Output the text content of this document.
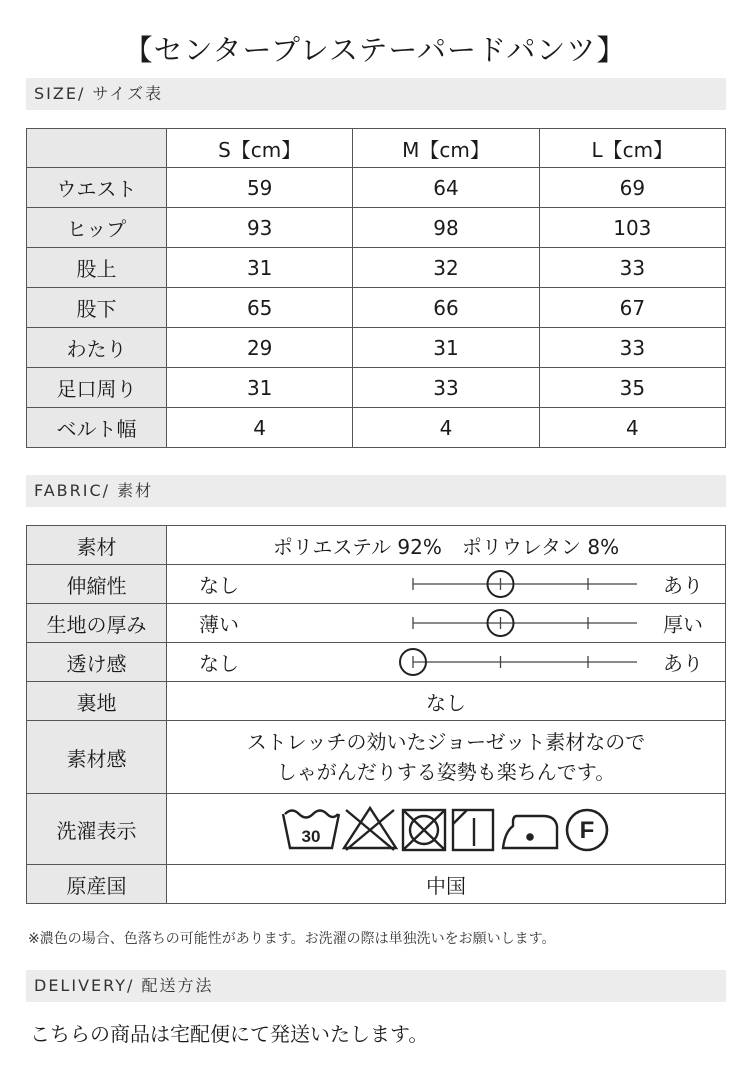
【センタープレステーパードパンツ】
SIZE/ サイズ表
	S【cm】	M【cm】	L【cm】
ウエスト	59	64	69
ヒップ	93	98	103
股上	31	32	33
股下	65	66	67
わたり	29	31	33
足口周り	31	33	35
ベルト幅	4	4	4
FABRIC/ 素材
素材	ポリエステル 92%　ポリウレタン 8%
伸縮性	なし あり

生地の厚み	薄い 厚い

透け感	なし あり

裏地	なし
素材感	ストレッチの効いたジョーゼット素材なので
しゃがんだりする姿勢も楽ちんです。

洗濯表示	30 F

原産国	中国
※濃色の場合、色落ちの可能性があります。お洗濯の際は単独洗いをお願いします。
DELIVERY/ 配送方法
こちらの商品は宅配便にて発送いたします。
